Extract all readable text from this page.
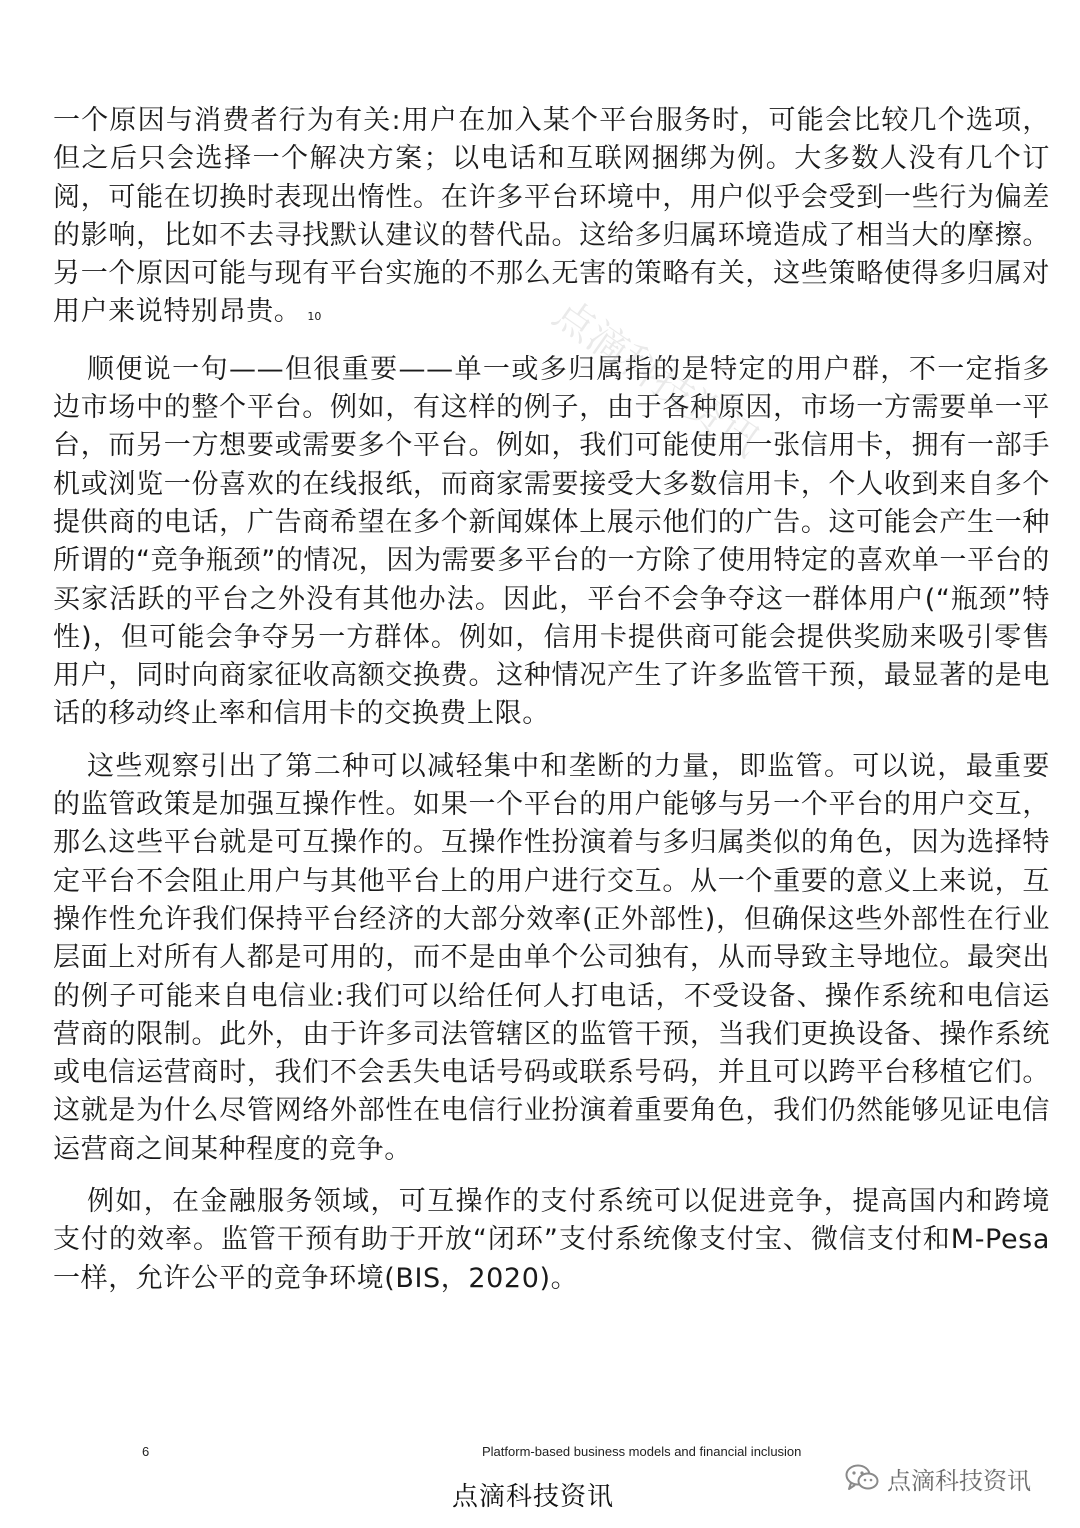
一个原因与消费者行为有关:用户在加入某个平台服务时，可能会比较几个选项，但之后只会选择一个解决方案；以电话和互联网捆绑为例。大多数人没有几个订阅，可能在切换时表现出惰性。在许多平台环境中，用户似乎会受到一些行为偏差的影响，比如不去寻找默认建议的替代品。这给多归属环境造成了相当大的摩擦。另一个原因可能与现有平台实施的不那么无害的策略有关，这些策略使得多归属对用户来说特别昂贵。 10

顺便说一句——但很重要——单一或多归属指的是特定的用户群，不一定指多边市场中的整个平台。例如，有这样的例子，由于各种原因，市场一方需要单一平台，而另一方想要或需要多个平台。例如，我们可能使用一张信用卡，拥有一部手机或浏览一份喜欢的在线报纸，而商家需要接受大多数信用卡，个人收到来自多个提供商的电话，广告商希望在多个新闻媒体上展示他们的广告。这可能会产生一种所谓的“竞争瓶颈”的情况，因为需要多平台的一方除了使用特定的喜欢单一平台的买家活跃的平台之外没有其他办法。因此，平台不会争夺这一群体用户(“瓶颈”特性)，但可能会争夺另一方群体。例如，信用卡提供商可能会提供奖励来吸引零售用户，同时向商家征收高额交换费。这种情况产生了许多监管干预，最显著的是电话的移动终止率和信用卡的交换费上限。

这些观察引出了第二种可以减轻集中和垄断的力量，即监管。可以说，最重要的监管政策是加强互操作性。如果一个平台的用户能够与另一个平台的用户交互，那么这些平台就是可互操作的。互操作性扮演着与多归属类似的角色，因为选择特定平台不会阻止用户与其他平台上的用户进行交互。从一个重要的意义上来说，互操作性允许我们保持平台经济的大部分效率(正外部性)，但确保这些外部性在行业层面上对所有人都是可用的，而不是由单个公司独有，从而导致主导地位。最突出的例子可能来自电信业:我们可以给任何人打电话，不受设备、操作系统和电信运营商的限制。此外，由于许多司法管辖区的监管干预，当我们更换设备、操作系统或电信运营商时，我们不会丢失电话号码或联系号码，并且可以跨平台移植它们。这就是为什么尽管网络外部性在电信行业扮演着重要角色，我们仍然能够见证电信运营商之间某种程度的竞争。

例如，在金融服务领域，可互操作的支付系统可以促进竞争，提高国内和跨境支付的效率。监管干预有助于开放“闭环”支付系统像支付宝、微信支付和M-Pesa一样，允许公平的竞争环境(BIS，2020)。

点滴科技资讯
6	Platform-based business models and financial inclusion
点滴科技资讯
点滴科技资讯
